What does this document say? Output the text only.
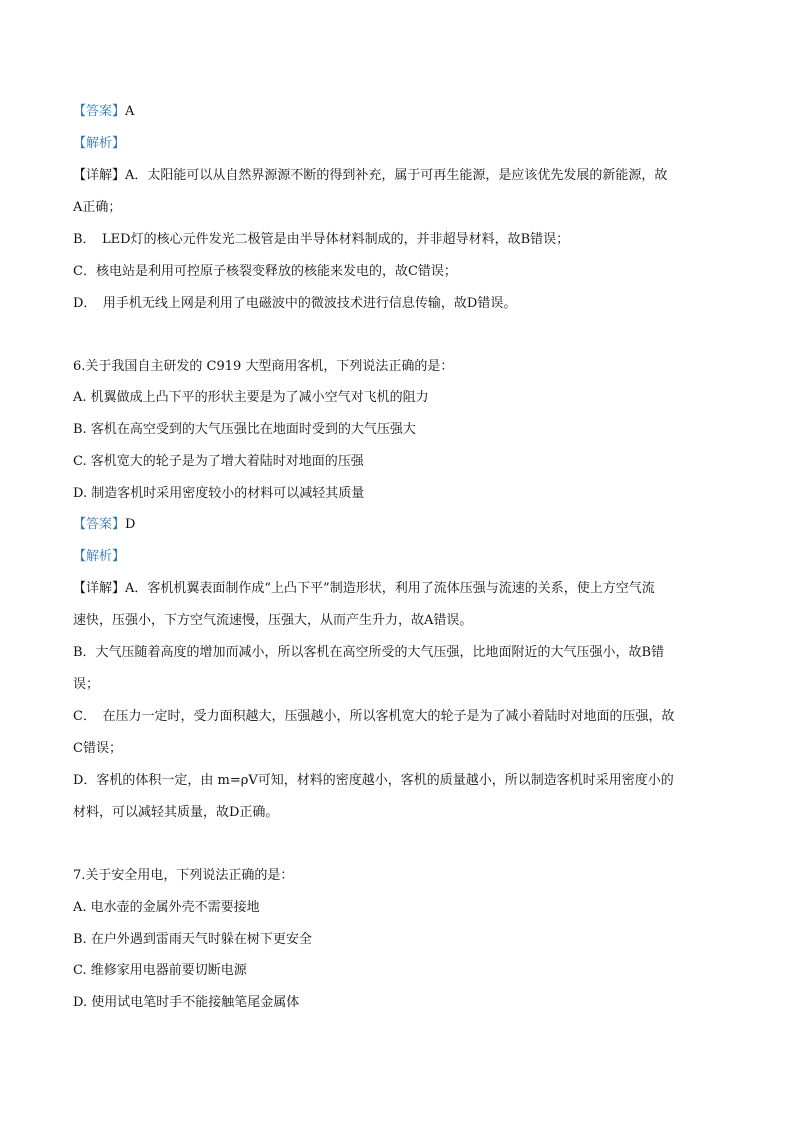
【答案】A
【解析】
【详解】A．太阳能可以从自然界源源不断的得到补充，属于可再生能源，是应该优先发展的新能源，故
A正确；
B．　LED灯的核心元件发光二极管是由半导体材料制成的，并非超导材料，故B错误；
C．核电站是利用可控原子核裂变释放的核能来发电的，故C错误；
D．　用手机无线上网是利用了电磁波中的微波技术进行信息传输，故D错误。
6.关于我国自主研发的 C919 大型商用客机，下列说法正确的是：
A. 机翼做成上凸下平的形状主要是为了减小空气对飞机的阻力
B. 客机在高空受到的大气压强比在地面时受到的大气压强大
C. 客机宽大的轮子是为了增大着陆时对地面的压强
D. 制造客机时采用密度较小的材料可以减轻其质量
【答案】D
【解析】
【详解】A．客机机翼表面制作成“上凸下平”制造形状，利用了流体压强与流速的关系，使上方空气流
速快，压强小，下方空气流速慢，压强大，从而产生升力，故A错误。
B．大气压随着高度的增加而减小，所以客机在高空所受的大气压强，比地面附近的大气压强小，故B错
误；
C．　在压力一定时，受力面积越大，压强越小，所以客机宽大的轮子是为了减小着陆时对地面的压强，故
C错误；
D．客机的体积一定，由 m=ρV可知，材料的密度越小，客机的质量越小，所以制造客机时采用密度小的
材料，可以减轻其质量，故D正确。
7.关于安全用电，下列说法正确的是：
A. 电水壶的金属外壳不需要接地
B. 在户外遇到雷雨天气时躲在树下更安全
C. 维修家用电器前要切断电源
D. 使用试电笔时手不能接触笔尾金属体
